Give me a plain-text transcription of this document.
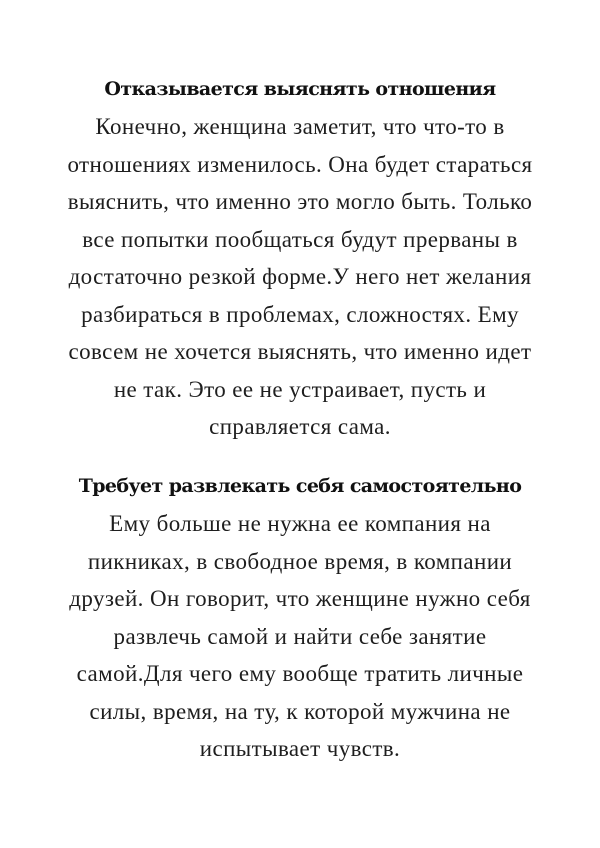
Отказывается выяснять отношения

Конечно, женщина заметит, что что-то в
отношениях изменилось. Она будет стараться
выяснить, что именно это могло быть. Только
все попытки пообщаться будут прерваны в
достаточно резкой форме.У него нет желания
разбираться в проблемах, сложностях. Ему
совсем не хочется выяснять, что именно идет
не так. Это ее не устраивает, пусть и
справляется сама.

Требует развлекать себя самостоятельно

Ему больше не нужна ее компания на
пикниках, в свободное время, в компании
друзей. Он говорит, что женщине нужно себя
развлечь самой и найти себе занятие
самой.Для чего ему вообще тратить личные
силы, время, на ту, к которой мужчина не
испытывает чувств.
